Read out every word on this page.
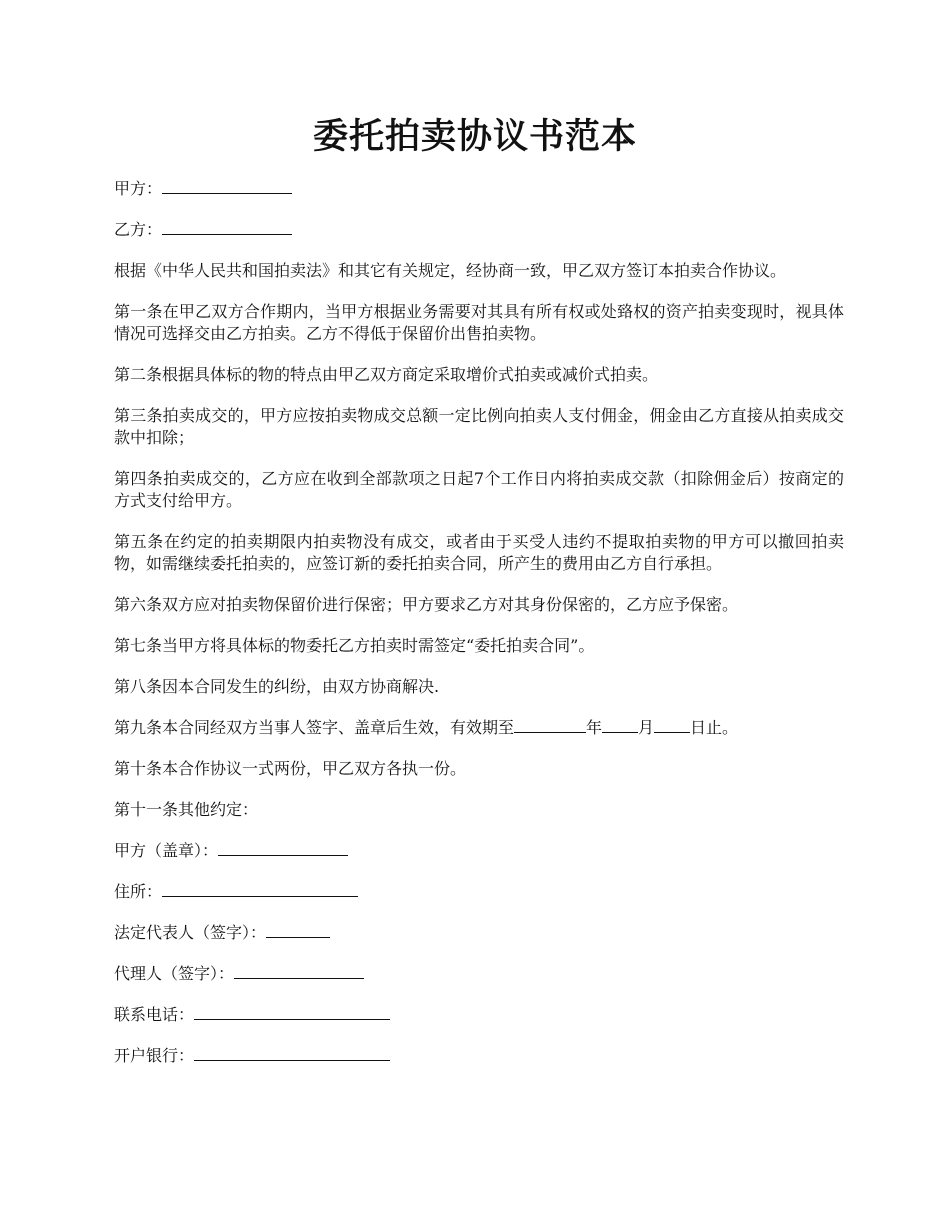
委托拍卖协议书范本
甲方：
乙方：

根据《中华人民共和国拍卖法》和其它有关规定，经协商一致，甲乙双方签订本拍卖合作协议。

第一条在甲乙双方合作期内，当甲方根据业务需要对其具有所有权或处臵权的资产拍卖变现时，视具体情况可选择交由乙方拍卖。乙方不得低于保留价出售拍卖物。

第二条根据具体标的物的特点由甲乙双方商定采取增价式拍卖或减价式拍卖。

第三条拍卖成交的，甲方应按拍卖物成交总额一定比例向拍卖人支付佣金，佣金由乙方直接从拍卖成交款中扣除；

第四条拍卖成交的，乙方应在收到全部款项之日起7个工作日内将拍卖成交款（扣除佣金后）按商定的方式支付给甲方。

第五条在约定的拍卖期限内拍卖物没有成交，或者由于买受人违约不提取拍卖物的甲方可以撤回拍卖物，如需继续委托拍卖的，应签订新的委托拍卖合同，所产生的费用由乙方自行承担。

第六条双方应对拍卖物保留价进行保密；甲方要求乙方对其身份保密的，乙方应予保密。

第七条当甲方将具体标的物委托乙方拍卖时需签定“委托拍卖合同”。

第八条因本合同发生的纠纷，由双方协商解决.

第九条本合同经双方当事人签字、盖章后生效，有效期至	年 月 日止。

第十条本合作协议一式两份，甲乙双方各执一份。

第十一条其他约定：

甲方（盖章）：
住所：
法定代表人（签字）：
代理人（签字）：
联系电话：
开户银行：
